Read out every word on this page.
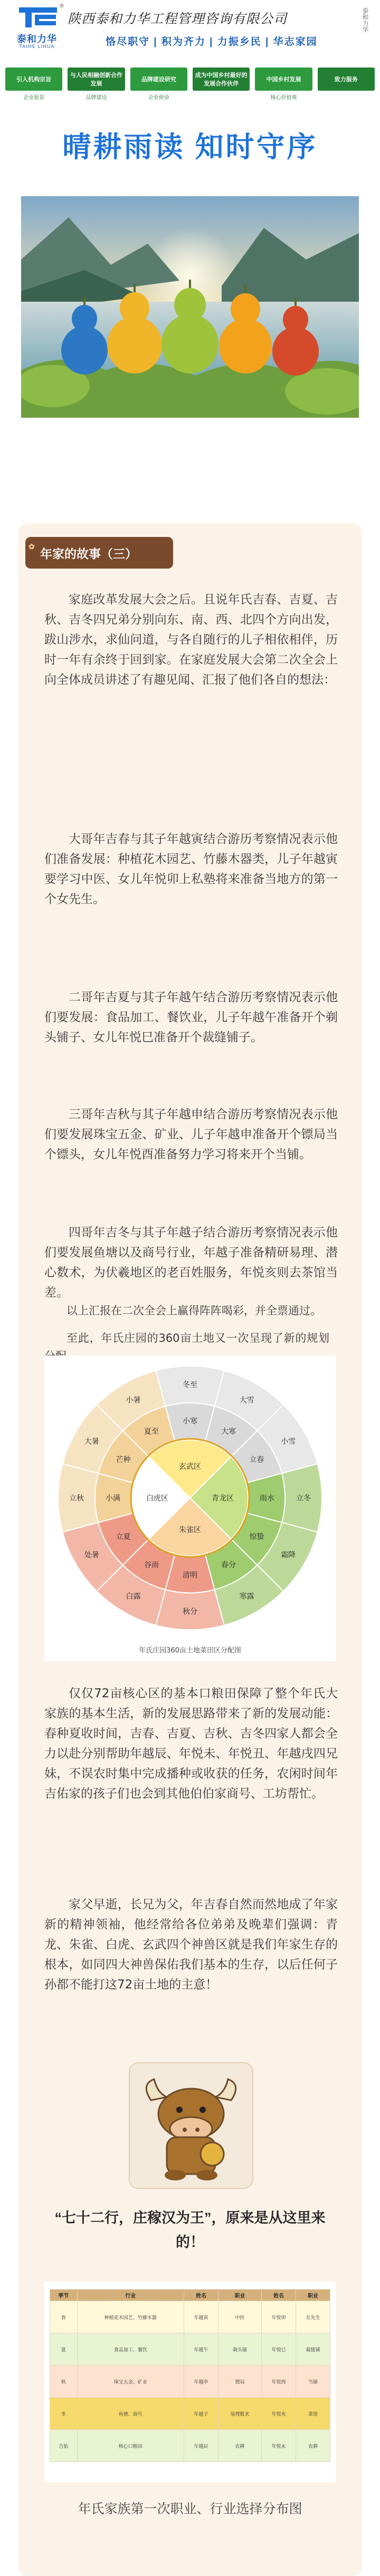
泰和力华
TAIHE LIHUA
®
陕西泰和力华工程管理咨询有限公司
恪尽职守 | 积为齐力 | 力振乡民 | 华志家园
泰和力华
引入机构宗旨
与人民相融创新合作发展
品牌建设研究
成为中国乡村最好的发展合作伙伴
中国乡村发展	致力服务
企业愿景	品牌建设	企业使命	核心价值观
晴耕雨读 知时守序
✿
年家的故事（三）
家庭改革发展大会之后。且说年氏吉春、吉夏、吉秋、吉冬四兄弟分别向东、南、西、北四个方向出发，跋山涉水，求仙问道，与各自随行的儿子相依相伴，历时一年有余终于回到家。在家庭发展大会第二次全会上向全体成员讲述了有趣见闻、汇报了他们各自的想法：
大哥年吉春与其子年越寅结合游历考察情况表示他们准备发展：种植花木园艺、竹藤木器类，儿子年越寅要学习中医、女儿年悦卯上私塾将来准备当地方的第一个女先生。
二哥年吉夏与其子年越午结合游历考察情况表示他们要发展：食品加工、餐饮业，儿子年越午准备开个剃头铺子、女儿年悦巳准备开个裁缝铺子。
三哥年吉秋与其子年越申结合游历考察情况表示他们要发展珠宝五金、矿业、儿子年越申准备开个镖局当个镖头，女儿年悦酉准备努力学习将来开个当铺。
四哥年吉冬与其子年越子结合游历考察情况表示他们要发展鱼塘以及商号行业，年越子准备精研易理、潜心数术，为伏羲地区的老百姓服务，年悦亥则去茶馆当差。
以上汇报在二次全会上赢得阵阵喝彩，并全票通过。
至此，年氏庄园的360亩土地又一次呈现了新的规划
冬至
大雪
小雪
立冬
霜降
寒露
秋分
白露
处暑
立秋
大暑
小暑
小寒
大寒
立春
雨水
惊蛰
春分
清明
谷雨
立夏
小满
芒种
夏至
玄武区
白虎区	青龙区
朱雀区
年氏庄园360亩土地菜田区分配图
仅仅72亩核心区的基本口粮田保障了整个年氏大家族的基本生活，新的发展思路带来了新的发展动能：春种夏收时间，吉春、吉夏、吉秋、吉冬四家人都会全力以赴分别帮助年越辰、年悦未、年悦丑、年越戌四兄妹，不误农时集中完成播种或收获的任务，农闲时间年吉佑家的孩子们也会到其他伯伯家商号、工坊帮忙。
家父早逝，长兄为父，年吉春自然而然地成了年家新的精神领袖，他经常给各位弟弟及晚辈们强调：青龙、朱雀、白虎、玄武四个神兽区就是我们年家生存的根本，如同四大神兽保佑我们基本的生存，以后任何子孙都不能打这72亩土地的主意！
“七十二行，庄稼汉为王”，原来是从这里来的！
季节	行业	姓名	职业	姓名	职业
春	种植花木园艺、竹藤木器	年越寅	中医	年悦卯	女先生
夏	食品加工、餐饮	年越午	剃头铺	年悦巳	裁缝铺
秋	珠宝五金、矿业	年越申	镖局	年悦酉	当铺
冬	鱼塘、商号	年越子	易理数术	年悦亥	茶馆
吉佑	核心口粮田	年越辰	农耕	年悦未	农耕
年氏家族第一次职业、行业选择分布图
